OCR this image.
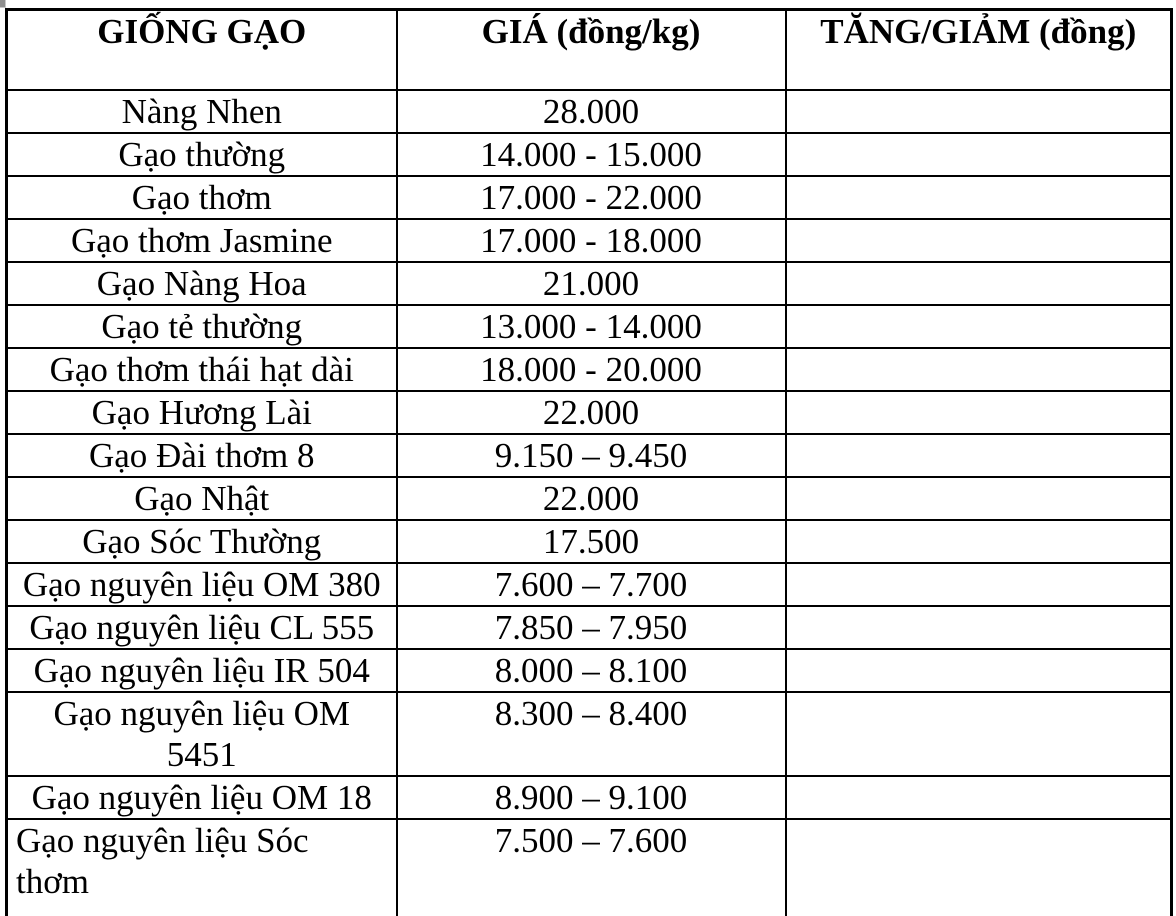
GIỐNG GẠO	GIÁ (đồng/kg)	TĂNG/GIẢM (đồng)
Nàng Nhen	28.000	
Gạo thường	14.000 - 15.000	
Gạo thơm	17.000 - 22.000	
Gạo thơm Jasmine	17.000 - 18.000	
Gạo Nàng Hoa	21.000	
Gạo tẻ thường	13.000 - 14.000	
Gạo thơm thái hạt dài	18.000 - 20.000	
Gạo Hương Lài	22.000	
Gạo Đài thơm 8	9.150 – 9.450	
Gạo Nhật	22.000	
Gạo Sóc Thường	17.500	
Gạo nguyên liệu OM 380	7.600 – 7.700	
Gạo nguyên liệu CL 555	7.850 – 7.950	
Gạo nguyên liệu IR 504	8.000 – 8.100	
Gạo nguyên liệu OM 5451	8.300 – 8.400	
Gạo nguyên liệu OM 18	8.900 – 9.100	
Gạo nguyên liệu Sóc thơm	7.500 – 7.600	
